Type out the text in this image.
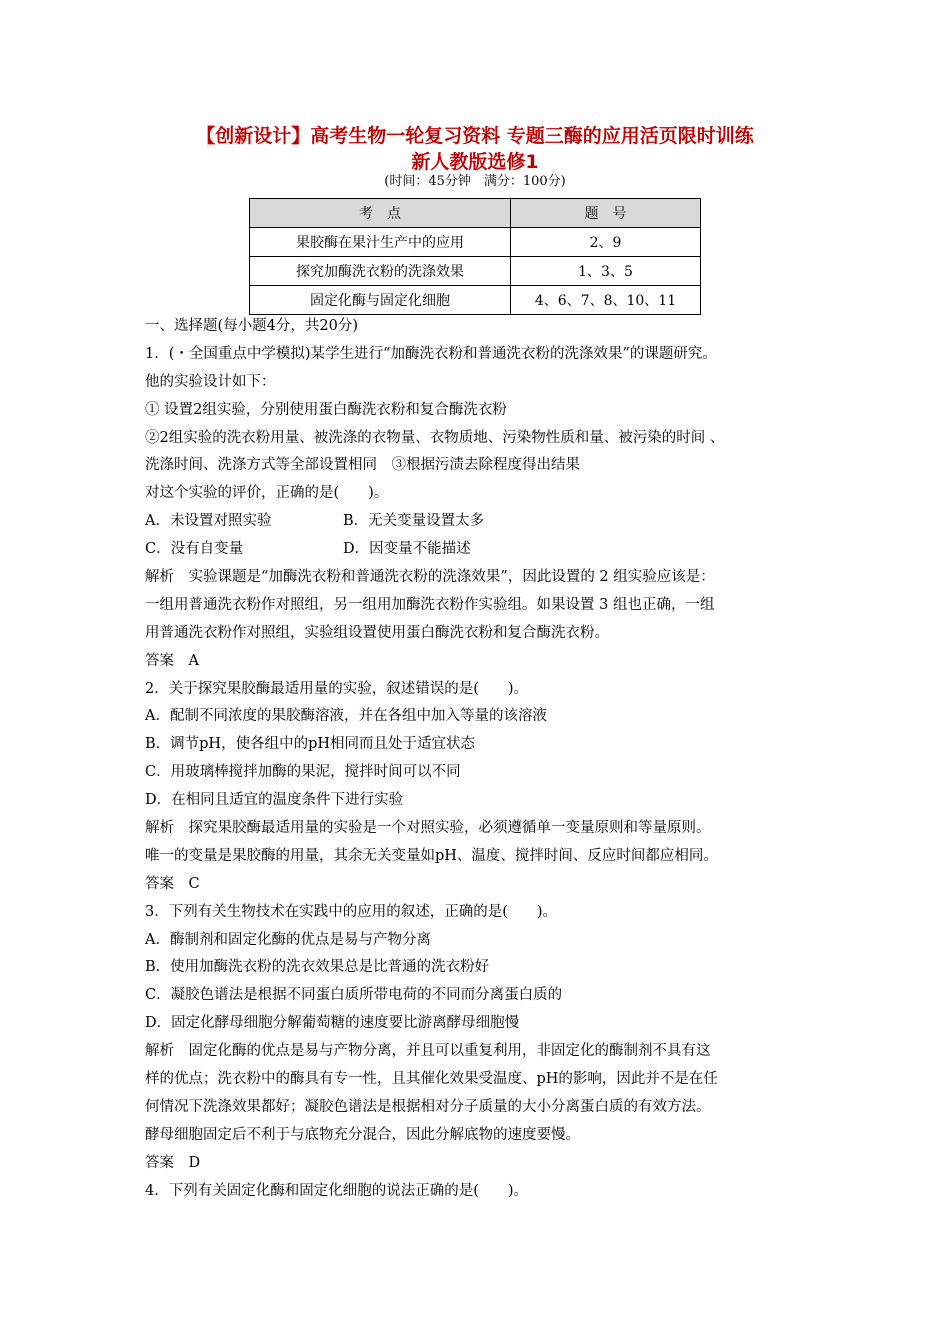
【创新设计】高考生物一轮复习资料 专题三酶的应用活页限时训练
新人教版选修1
(时间：45分钟　满分：100分)
考　点	题　号
果胶酶在果汁生产中的应用	2、9
探究加酶洗衣粉的洗涤效果	1、3、5
固定化酶与固定化细胞	4、6、7、8、10、11
一、选择题(每小题4分，共20分)
1．(・全国重点中学模拟)某学生进行“加酶洗衣粉和普通洗衣粉的洗涤效果”的课题研究。
他的实验设计如下：
① 设置2组实验，分别使用蛋白酶洗衣粉和复合酶洗衣粉
②2组实验的洗衣粉用量、被洗涤的衣物量、衣物质地、污染物性质和量、被污染的时间 、
洗涤时间、洗涤方式等全部设置相同　③根据污渍去除程度得出结果
对这个实验的评价，正确的是(　　)。
A．未设置对照实验	B．无关变量设置太多
C．没有自变量	D．因变量不能描述
解析　实验课题是“加酶洗衣粉和普通洗衣粉的洗涤效果”，因此设置的 2 组实验应该是：
一组用普通洗衣粉作对照组，另一组用加酶洗衣粉作实验组。如果设置 3 组也正确，一组
用普通洗衣粉作对照组，实验组设置使用蛋白酶洗衣粉和复合酶洗衣粉。
答案　A
2．关于探究果胶酶最适用量的实验，叙述错误的是(　　)。
A．配制不同浓度的果胶酶溶液，并在各组中加入等量的该溶液
B．调节pH，使各组中的pH相同而且处于适宜状态
C．用玻璃棒搅拌加酶的果泥，搅拌时间可以不同
D．在相同且适宜的温度条件下进行实验
解析　探究果胶酶最适用量的实验是一个对照实验，必须遵循单一变量原则和等量原则。
唯一的变量是果胶酶的用量，其余无关变量如pH、温度、搅拌时间、反应时间都应相同。
答案　C
3．下列有关生物技术在实践中的应用的叙述，正确的是(　　)。
A．酶制剂和固定化酶的优点是易与产物分离
B．使用加酶洗衣粉的洗衣效果总是比普通的洗衣粉好
C．凝胶色谱法是根据不同蛋白质所带电荷的不同而分离蛋白质的
D．固定化酵母细胞分解葡萄糖的速度要比游离酵母细胞慢
解析　固定化酶的优点是易与产物分离，并且可以重复利用，非固定化的酶制剂不具有这
样的优点；洗衣粉中的酶具有专一性，且其催化效果受温度、pH的影响，因此并不是在任
何情况下洗涤效果都好；凝胶色谱法是根据相对分子质量的大小分离蛋白质的有效方法。
酵母细胞固定后不利于与底物充分混合，因此分解底物的速度要慢。
答案　D
4．下列有关固定化酶和固定化细胞的说法正确的是(　　)。
